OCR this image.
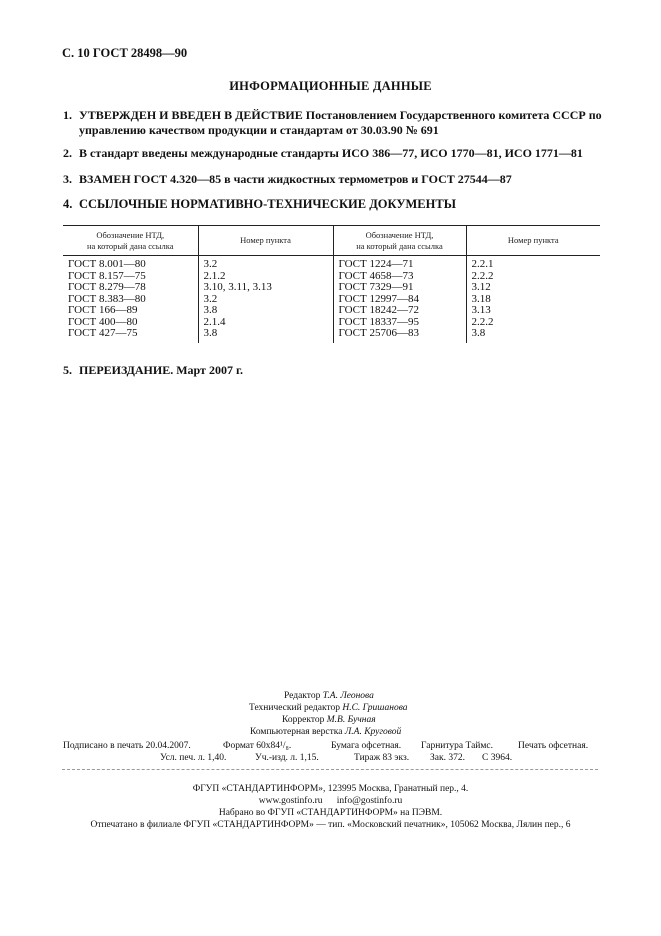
С. 10 ГОСТ 28498—90
ИНФОРМАЦИОННЫЕ ДАННЫЕ
1. УТВЕРЖДЕН И ВВЕДЕН В ДЕЙСТВИЕ Постановлением Государственного комитета СССР по
управлению качеством продукции и стандартам от 30.03.90 № 691
2. В стандарт введены международные стандарты ИСО 386—77, ИСО 1770—81, ИСО 1771—81
3. ВЗАМЕН ГОСТ 4.320—85 в части жидкостных термометров и ГОСТ 27544—87
4. ССЫЛОЧНЫЕ НОРМАТИВНО-ТЕХНИЧЕСКИЕ ДОКУМЕНТЫ
Обозначение НТД,
на который дана ссылка	Номер пункта	Обозначение НТД,
на который дана ссылка	Номер пункта
ГОСТ 8.001—80	3.2	ГОСТ 1224—71	2.2.1
ГОСТ 8.157—75	2.1.2	ГОСТ 4658—73	2.2.2
ГОСТ 8.279—78	3.10, 3.11, 3.13	ГОСТ 7329—91	3.12
ГОСТ 8.383—80	3.2	ГОСТ 12997—84	3.18
ГОСТ 166—89	3.8	ГОСТ 18242—72	3.13
ГОСТ 400—80	2.1.4	ГОСТ 18337—95	2.2.2
ГОСТ 427—75	3.8	ГОСТ 25706—83	3.8
5. ПЕРЕИЗДАНИЕ. Март 2007 г.
Редактор Т.А. Леонова
Технический редактор Н.С. Гришанова
Корректор М.В. Бучная
Компьютерная верстка Л.А. Круговой
Подписано в печать 20.04.2007.	Формат 60x84¹/₈.	Бумага офсетная. Гарнитура Таймс.	Печать офсетная.
Усл. печ. л. 1,40.	Уч.-изд. л. 1,15.	Тираж 83 экз. Зак. 372. С 3964.
ФГУП «СТАНДАРТИНФОРМ», 123995 Москва, Гранатный пер., 4.
www.gostinfo.ru info@gostinfo.ru
Набрано во ФГУП «СТАНДАРТИНФОРМ» на ПЭВМ.
Отпечатано в филиале ФГУП «СТАНДАРТИНФОРМ» — тип. «Московский печатник», 105062 Москва, Лялин пер., 6
